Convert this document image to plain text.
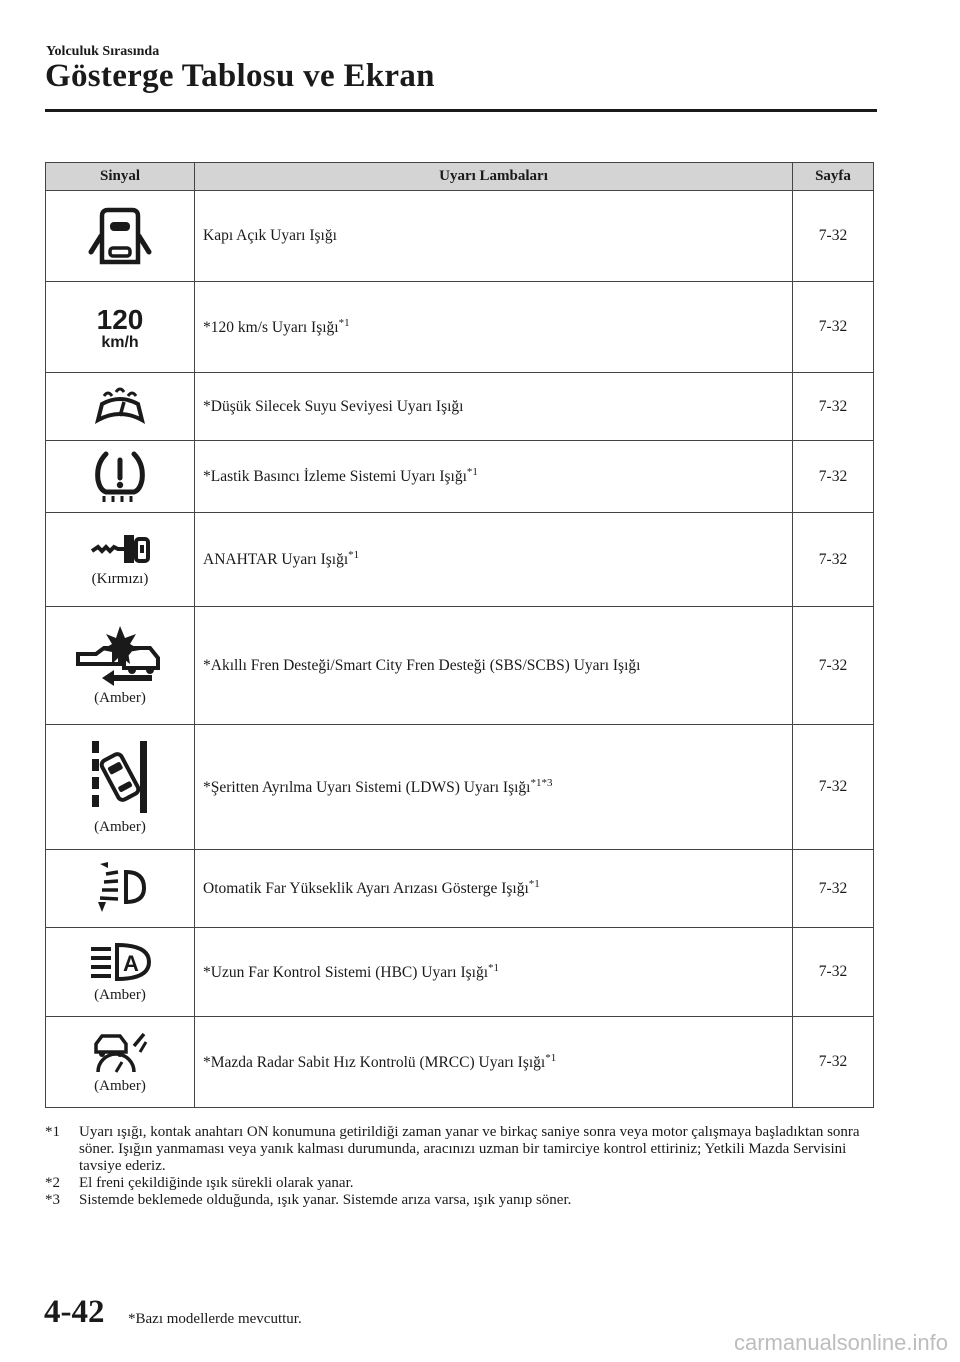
Yolculuk Sırasında
Gösterge Tablosu ve Ekran
Sinyal	Uyarı Lambaları	Sayfa

	Kapı Açık Uyarı Işığı	7-32

120
km/h	*120 km/s Uyarı Işığı$^{*1}$	7-32

	*Düşük Silecek Suyu Seviyesi Uyarı Işığı	7-32

	*Lastik Basıncı İzleme Sistemi Uyarı Işığı$^{*1}$	7-32

(Kırmızı)	ANAHTAR Uyarı Işığı$^{*1}$	7-32

(Amber)	*Akıllı Fren Desteği/Smart City Fren Desteği (SBS/SCBS) Uyarı Işığı	7-32

(Amber)	*Şeritten Ayrılma Uyarı Sistemi (LDWS) Uyarı Işığı$^{*1*3}$	7-32

	Otomatik Far Yükseklik Ayarı Arızası Gösterge Işığı$^{*1}$	7-32

A
(Amber)	*Uzun Far Kontrol Sistemi (HBC) Uyarı Işığı$^{*1}$	7-32

(Amber)	*Mazda Radar Sabit Hız Kontrolü (MRCC) Uyarı Işığı$^{*1}$	7-32
*1	Uyarı ışığı, kontak anahtarı ON konumuna getirildiği zaman yanar ve birkaç saniye sonra veya motor çalışmaya başladıktan sonra söner. Işığın yanmaması veya yanık kalması durumunda, aracınızı uzman bir tamirciye kontrol ettiriniz; Yetkili Mazda Servisini tavsiye ederiz.
*2	El freni çekildiğinde ışık sürekli olarak yanar.
*3	Sistemde beklemede olduğunda, ışık yanar. Sistemde arıza varsa, ışık yanıp söner.
4-42 *Bazı modellerde mevcuttur.
carmanualsonline.info
